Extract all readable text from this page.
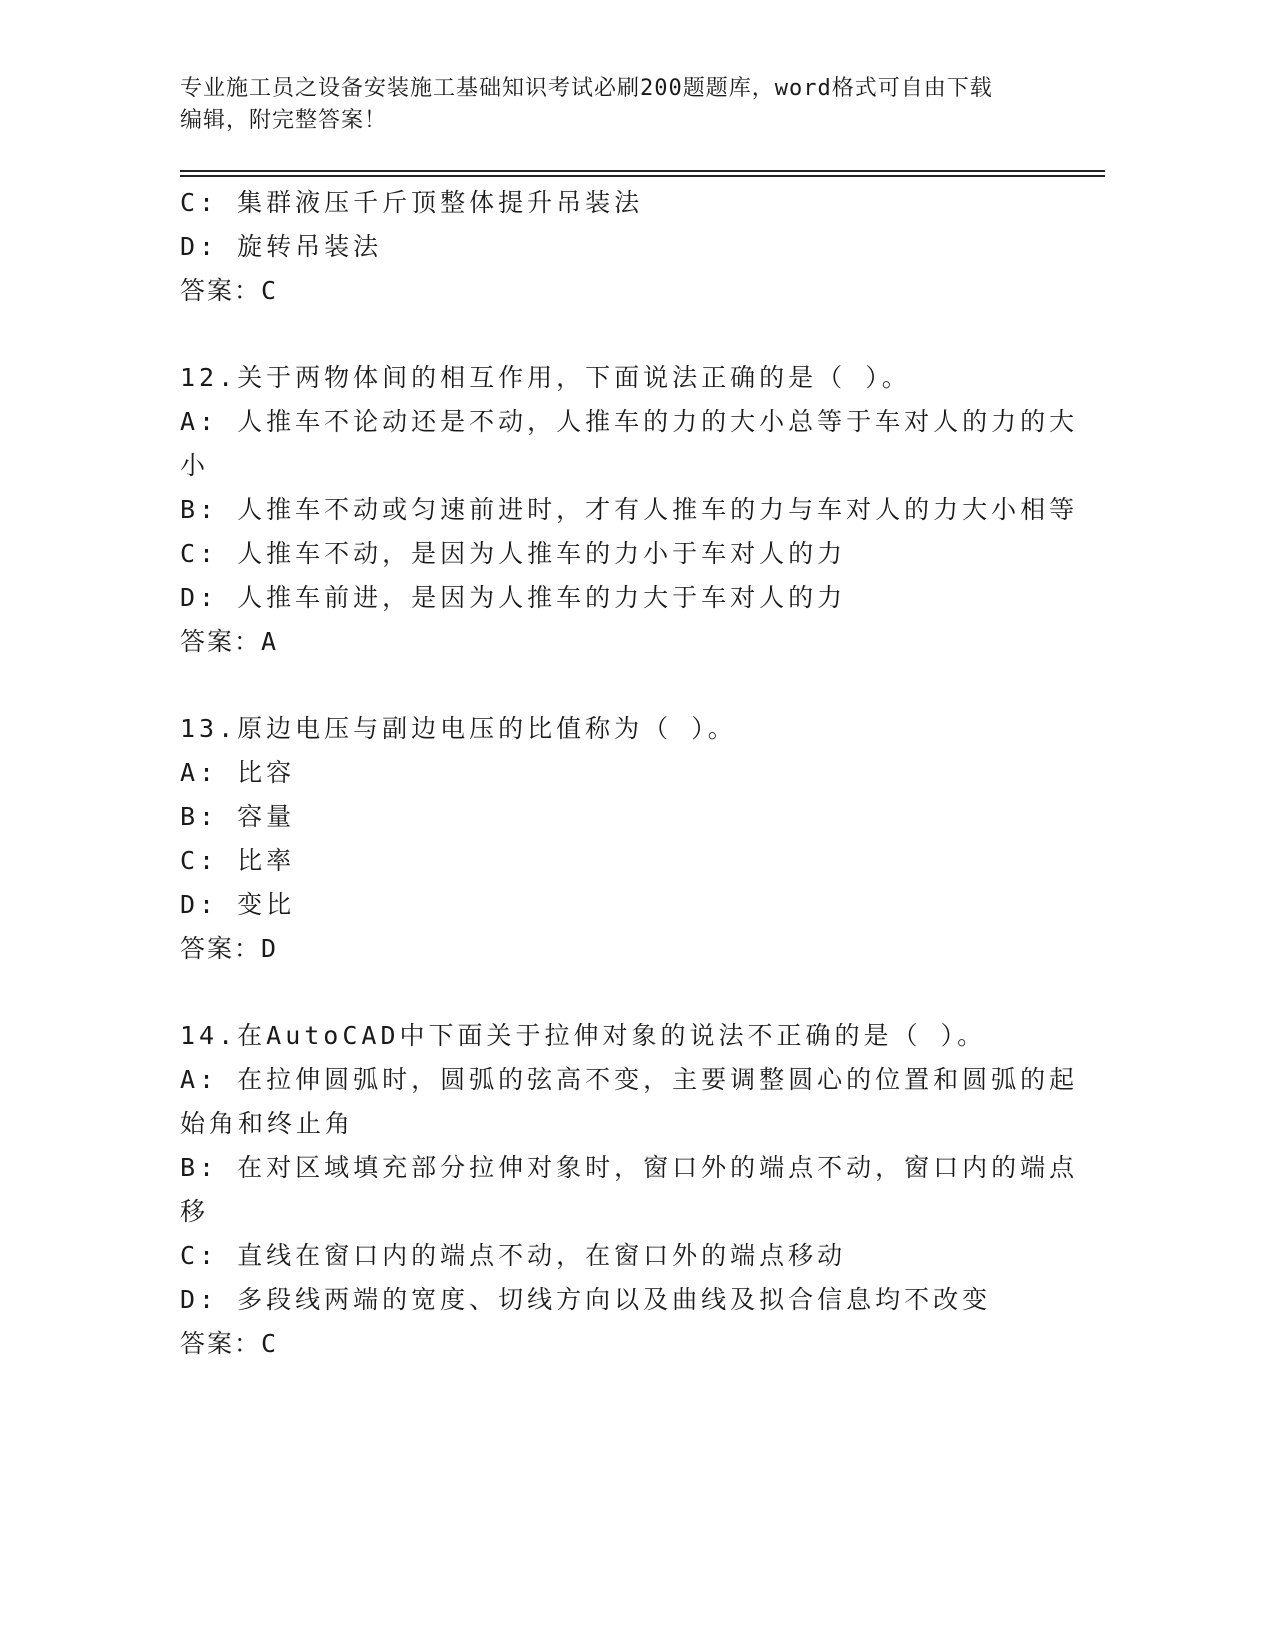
专业施工员之设备安装施工基础知识考试必刷200题题库，word格式可自由下载
编辑，附完整答案！
C: 集群液压千斤顶整体提升吊装法
D: 旋转吊装法
答案：C
12.关于两物体间的相互作用，下面说法正确的是（ ）。
A: 人推车不论动还是不动，人推车的力的大小总等于车对人的力的大
小
B: 人推车不动或匀速前进时，才有人推车的力与车对人的力大小相等
C: 人推车不动，是因为人推车的力小于车对人的力
D: 人推车前进，是因为人推车的力大于车对人的力
答案：A
13.原边电压与副边电压的比值称为（ ）。
A: 比容
B: 容量
C: 比率
D: 变比
答案：D
14.在AutoCAD中下面关于拉伸对象的说法不正确的是（ ）。
A: 在拉伸圆弧时，圆弧的弦高不变，主要调整圆心的位置和圆弧的起
始角和终止角
B: 在对区域填充部分拉伸对象时，窗口外的端点不动，窗口内的端点
移
C: 直线在窗口内的端点不动，在窗口外的端点移动
D: 多段线两端的宽度、切线方向以及曲线及拟合信息均不改变
答案：C
